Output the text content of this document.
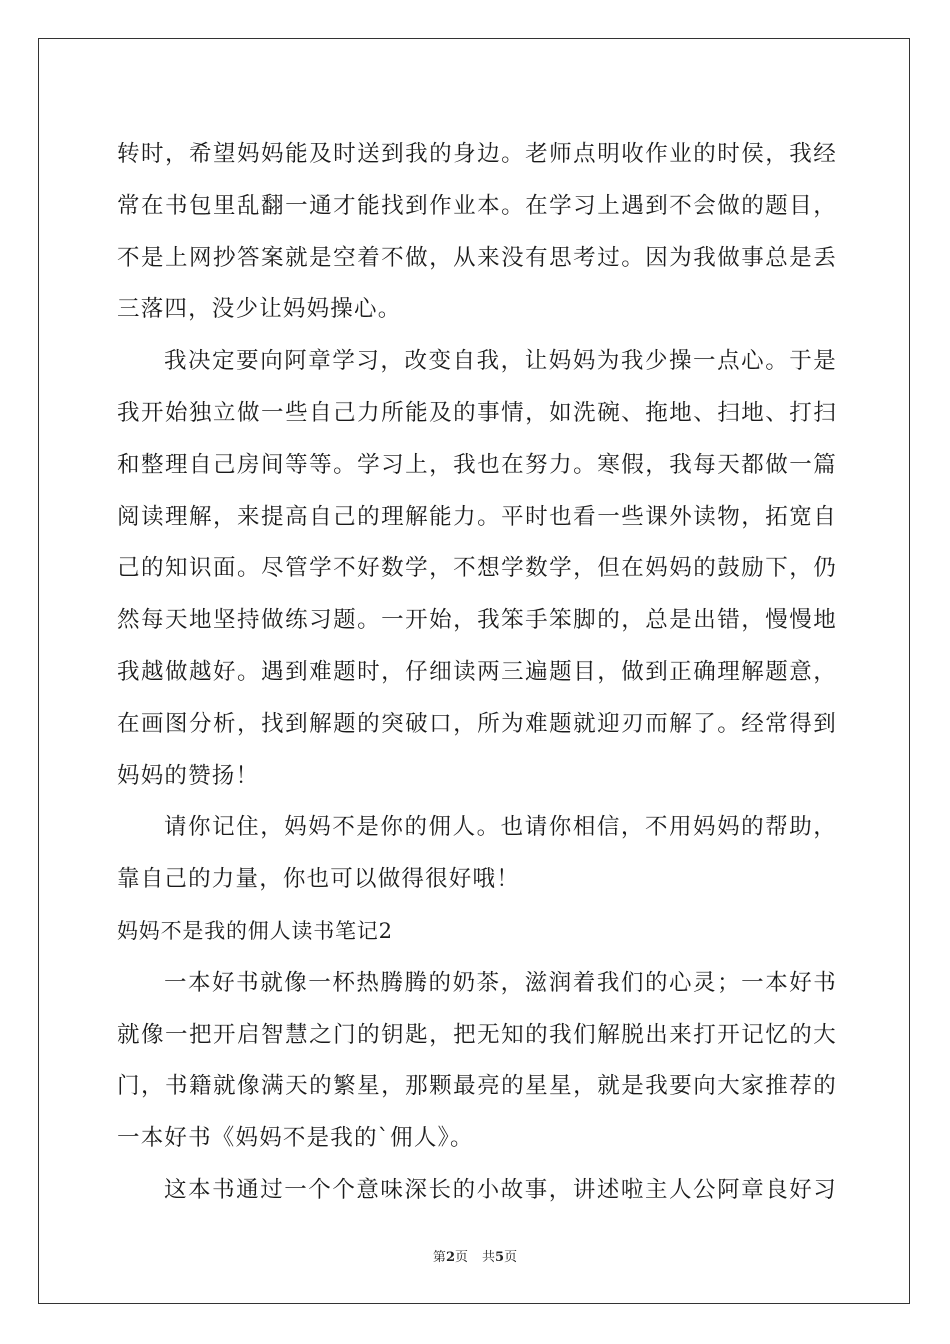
转时，希望妈妈能及时送到我的身边。老师点明收作业的时侯，我经
常在书包里乱翻一通才能找到作业本。在学习上遇到不会做的题目，
不是上网抄答案就是空着不做，从来没有思考过。因为我做事总是丢
三落四，没少让妈妈操心。
我决定要向阿章学习，改变自我，让妈妈为我少操一点心。于是
我开始独立做一些自己力所能及的事情，如洗碗、拖地、扫地、打扫
和整理自己房间等等。学习上，我也在努力。寒假，我每天都做一篇
阅读理解，来提高自己的理解能力。平时也看一些课外读物，拓宽自
己的知识面。尽管学不好数学，不想学数学，但在妈妈的鼓励下，仍
然每天地坚持做练习题。一开始，我笨手笨脚的，总是出错，慢慢地
我越做越好。遇到难题时，仔细读两三遍题目，做到正确理解题意，
在画图分析，找到解题的突破口，所为难题就迎刃而解了。经常得到
妈妈的赞扬！
请你记住，妈妈不是你的佣人。也请你相信，不用妈妈的帮助，
靠自己的力量，你也可以做得很好哦！
妈妈不是我的佣人读书笔记2
一本好书就像一杯热腾腾的奶茶，滋润着我们的心灵；一本好书
就像一把开启智慧之门的钥匙，把无知的我们解脱出来打开记忆的大
门，书籍就像满天的繁星，那颗最亮的星星，就是我要向大家推荐的
一本好书《妈妈不是我的`佣人》。
这本书通过一个个意味深长的小故事，讲述啦主人公阿章良好习
第2页 共5页
